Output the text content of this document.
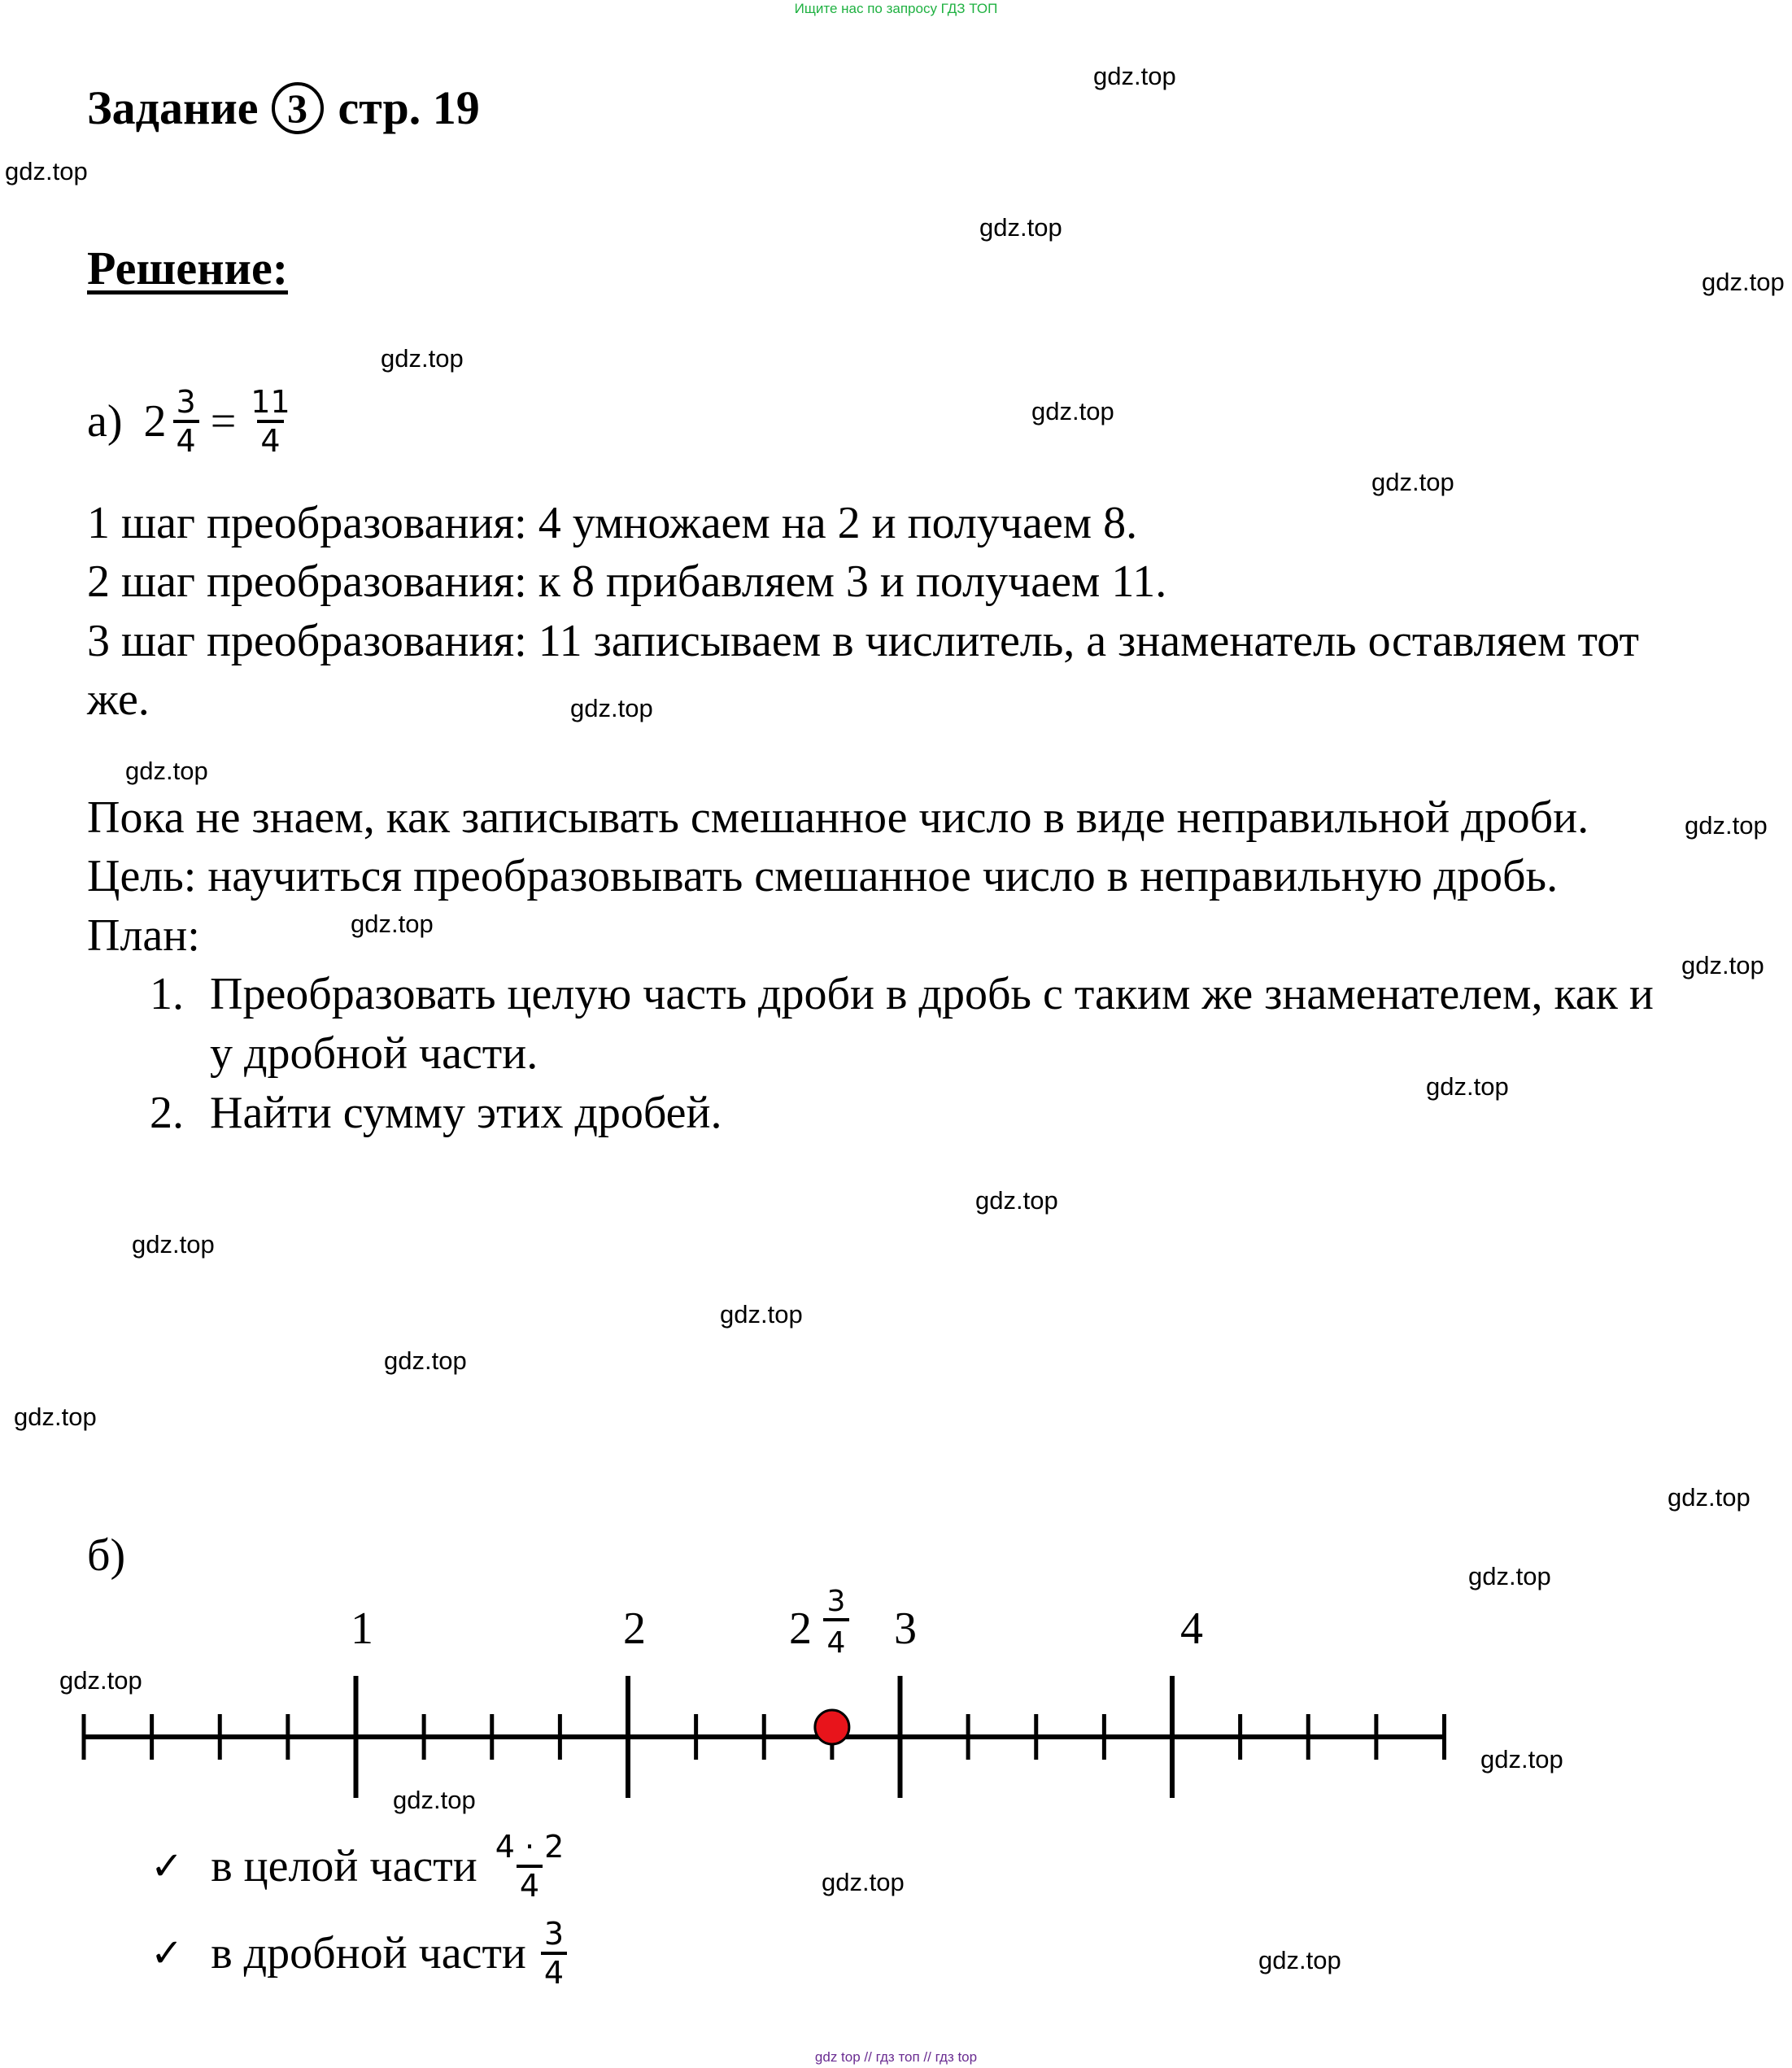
Ищите нас по запросу ГДЗ ТОП
gdz top // гдз топ // гдз top
gdz.top
gdz.top
gdz.top
gdz.top
gdz.top
gdz.top
gdz.top
gdz.top
gdz.top
gdz.top
gdz.top
gdz.top
gdz.top
gdz.top
gdz.top
gdz.top
gdz.top
gdz.top
gdz.top
gdz.top
gdz.top
gdz.top
gdz.top
gdz.top
gdz.top
Задание 3 стр. 19
Решение:
а) $2 \frac{3}{4} = \frac{11}{4}$
1 шаг преобразования: 4 умножаем на 2 и получаем 8.
2 шаг преобразования: к 8 прибавляем 3 и получаем 11.
3 шаг преобразования: 11 записываем в числитель, а знаменатель оставляем тот
же.
Пока не знаем, как записывать смешанное число в виде неправильной дроби.
Цель: научиться преобразовывать смешанное число в неправильную дробь.
План:
1. Преобразовать целую часть дроби в дробь с таким же знаменателем, как и
у дробной части.
2. Найти сумму этих дробей.
б)
1	2	3	4
2
3
4
✓ в целой части $\frac{4 \cdot 2}{4}$
✓ в дробной части $\frac{3}{4}$
